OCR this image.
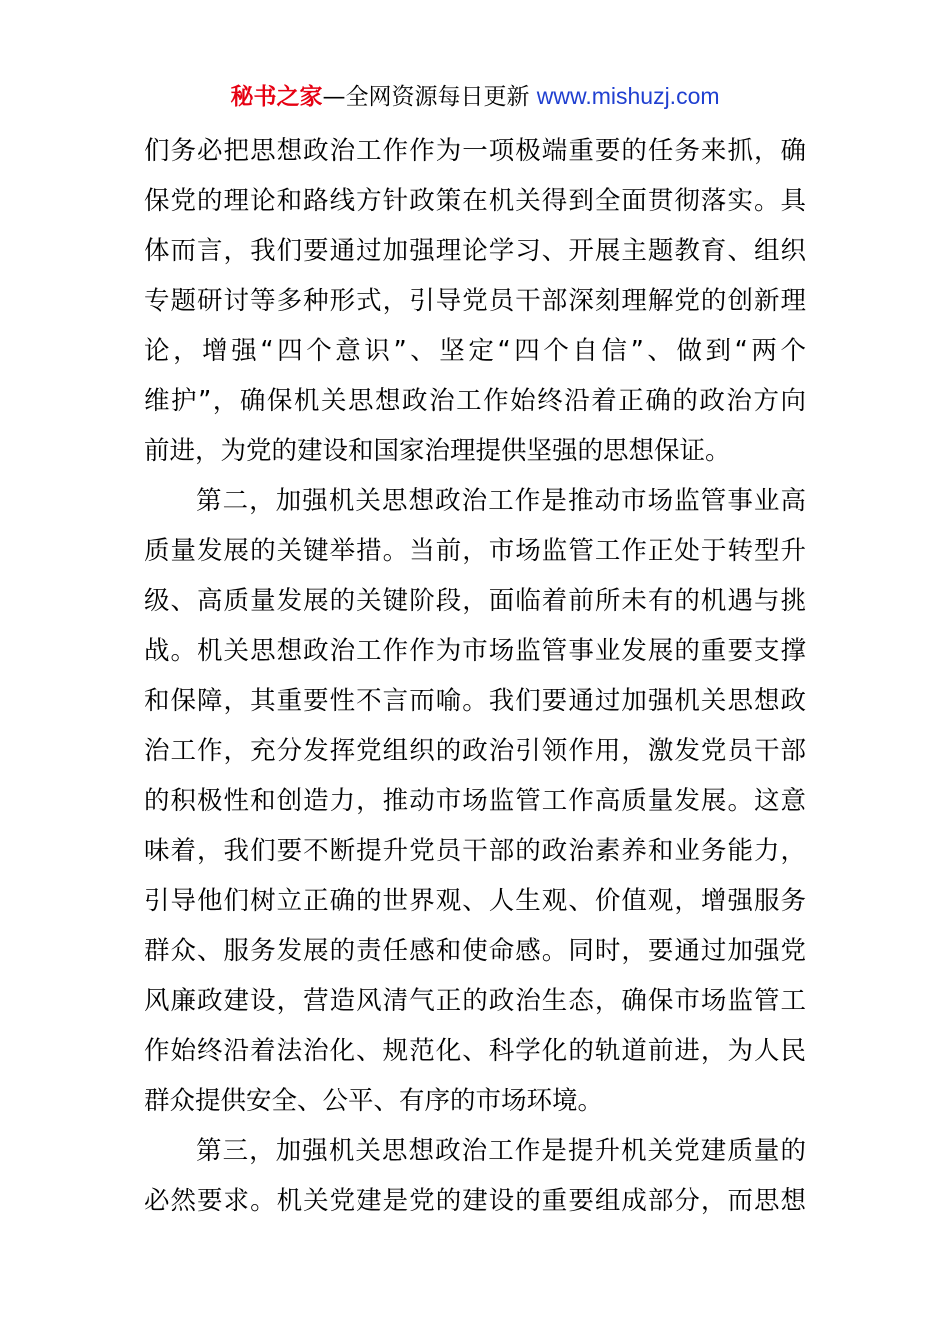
秘书之家—全网资源每日更新 www.mishuzj.com
们务必把思想政治工作作为一项极端重要的任务来抓，确
保党的理论和路线方针政策在机关得到全面贯彻落实。具
体而言，我们要通过加强理论学习、开展主题教育、组织
专题研讨等多种形式，引导党员干部深刻理解党的创新理
论，增强“四个意识”、坚定“四个自信”、做到“两个
维护”，确保机关思想政治工作始终沿着正确的政治方向
前进，为党的建设和国家治理提供坚强的思想保证。
第二，加强机关思想政治工作是推动市场监管事业高
质量发展的关键举措。当前，市场监管工作正处于转型升
级、高质量发展的关键阶段，面临着前所未有的机遇与挑
战。机关思想政治工作作为市场监管事业发展的重要支撑
和保障，其重要性不言而喻。我们要通过加强机关思想政
治工作，充分发挥党组织的政治引领作用，激发党员干部
的积极性和创造力，推动市场监管工作高质量发展。这意
味着，我们要不断提升党员干部的政治素养和业务能力，
引导他们树立正确的世界观、人生观、价值观，增强服务
群众、服务发展的责任感和使命感。同时，要通过加强党
风廉政建设，营造风清气正的政治生态，确保市场监管工
作始终沿着法治化、规范化、科学化的轨道前进，为人民
群众提供安全、公平、有序的市场环境。
第三，加强机关思想政治工作是提升机关党建质量的
必然要求。机关党建是党的建设的重要组成部分，而思想
